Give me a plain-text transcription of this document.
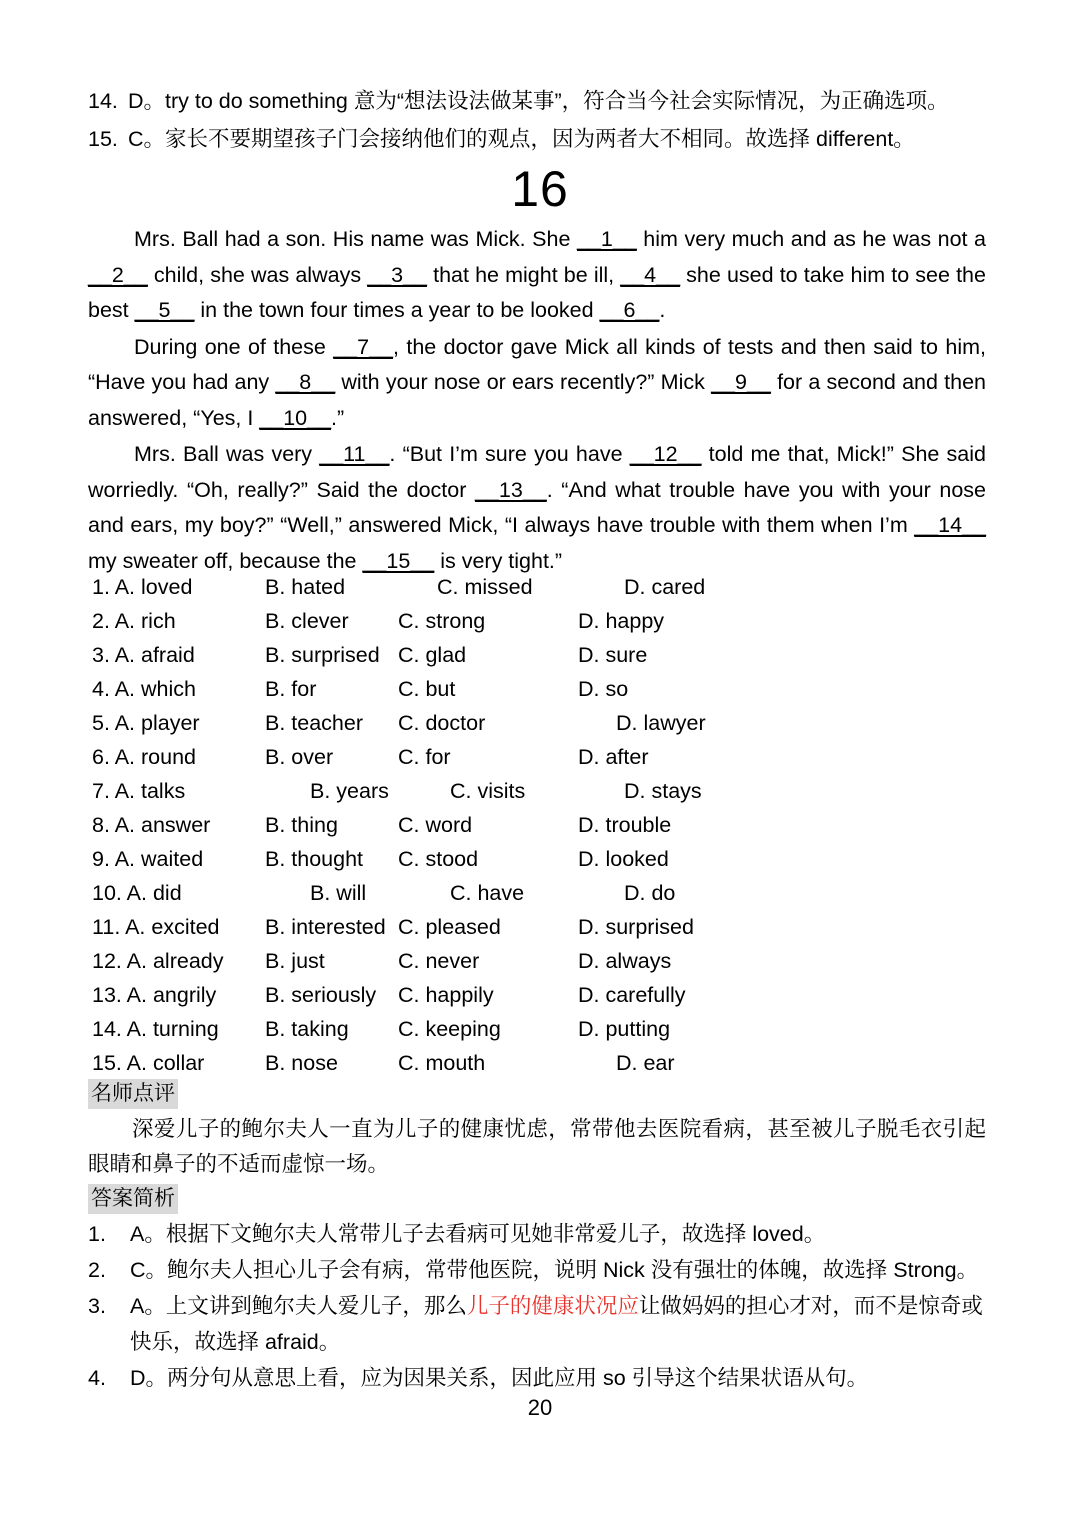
14. D。try to do something 意为“想法设法做某事”，符合当今社会实际情况，为正确选项。
15. C。家长不要期望孩子门会接纳他们的观点，因为两者大不相同。故选择 different。
16

Mrs. Ball had a son. His name was Mick. She __1__ him very much and as he was not a __2__ child, she was always __3__ that he might be ill, __4__ she used to take him to see the best __5__ in the town four times a year to be looked __6__.

During one of these __7__, the doctor gave Mick all kinds of tests and then said to him, “Have you had any __8__ with your nose or ears recently?” Mick __9__ for a second and then answered, “Yes, I __10__.”

Mrs. Ball was very __11__. “But I’m sure you have __12__ told me that, Mick!” She said worriedly. “Oh, really?” Said the doctor __13__. “And what trouble have you with your nose and ears, my boy?” “Well,” answered Mick, “I always have trouble with them when I’m __14__ my sweater off, because the __15__ is very tight.”

1. A. loved	B. hated	C. missed	D. cared
2. A. rich	B. clever C. strong	D. happy
3. A. afraid	B. surprised C. glad	D. sure
4. A. which	B. for	C. but	D. so
5. A. player	B. teacher C. doctor	D. lawyer
6. A. round	B. over	C. for	D. after
7. A. talks	B. years	C. visits	D. stays
8. A. answer	B. thing	C. word	D. trouble
9. A. waited	B. thought C. stood	D. looked
10. A. did	B. will	C. have	D. do
11. A. excited B. interested C. pleased	D. surprised
12. A. already B. just	C. never	D. always
13. A. angrily B. seriously C. happily	D. carefully
14. A. turning B. taking C. keeping	D. putting
15. A. collar	B. nose	C. mouth	D. ear
名师点评

深爱儿子的鲍尔夫人一直为儿子的健康忧虑，常带他去医院看病，甚至被儿子脱毛衣引起眼睛和鼻子的不适而虚惊一场。

答案简析
1.	A。根据下文鲍尔夫人常带儿子去看病可见她非常爱儿子，故选择 loved。
2.	C。鲍尔夫人担心儿子会有病，常带他医院，说明 Nick 没有强壮的体魄，故选择 Strong。
3.	A。上文讲到鲍尔夫人爱儿子，那么儿子的健康状况应让做妈妈的担心才对，而不是惊奇或
快乐，故选择 afraid。
4.	D。两分句从意思上看，应为因果关系，因此应用 so 引导这个结果状语从句。
20
